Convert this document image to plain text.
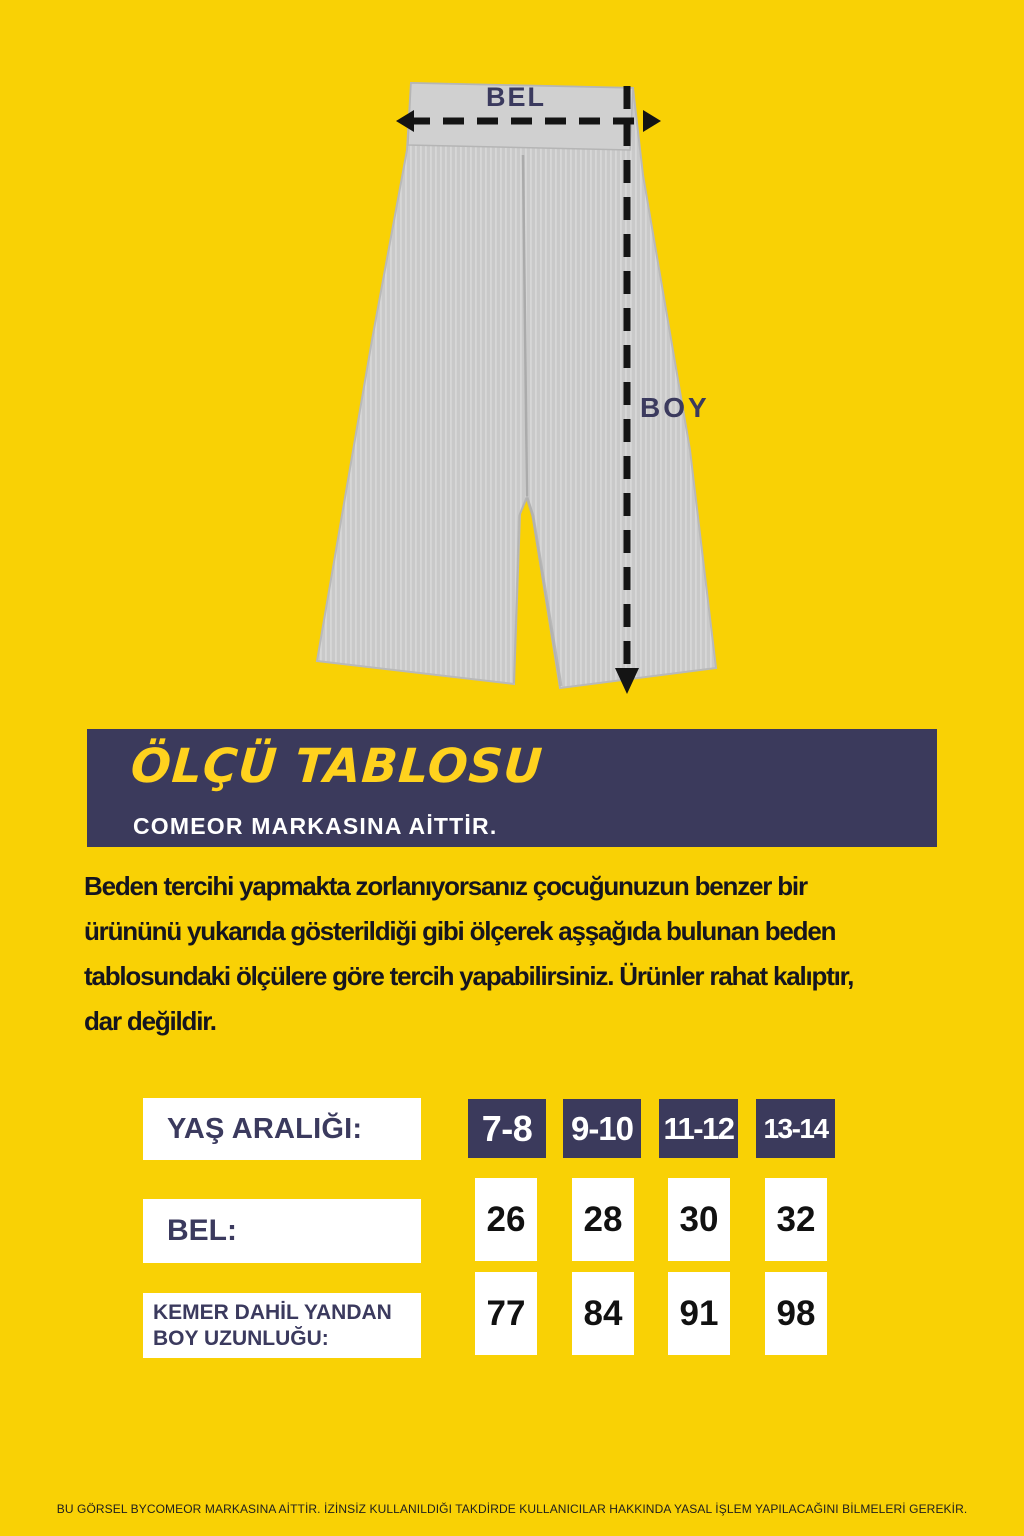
BEL
BOY
ÖLÇÜ TABLOSU
COMEOR MARKASINA AİTTİR.
Beden tercihi yapmakta zorlanıyorsanız çocuğunuzun benzer bir
ürününü yukarıda gösterildiği gibi ölçerek aşşağıda bulunan beden
tablosundaki ölçülere göre tercih yapabilirsiniz. Ürünler rahat kalıptır,
dar değildir.
YAŞ ARALIĞI:	7-8	9-10 11-12 13-14
BEL:	26	28	30	32
KEMER DAHİL YANDAN
BOY UZUNLUĞU:
77	84	91	98
BU GÖRSEL BYCOMEOR MARKASINA AİTTİR. İZİNSİZ KULLANILDIĞI TAKDİRDE KULLANICILAR HAKKINDA YASAL İŞLEM YAPILACAĞINI BİLMELERİ GEREKİR.
